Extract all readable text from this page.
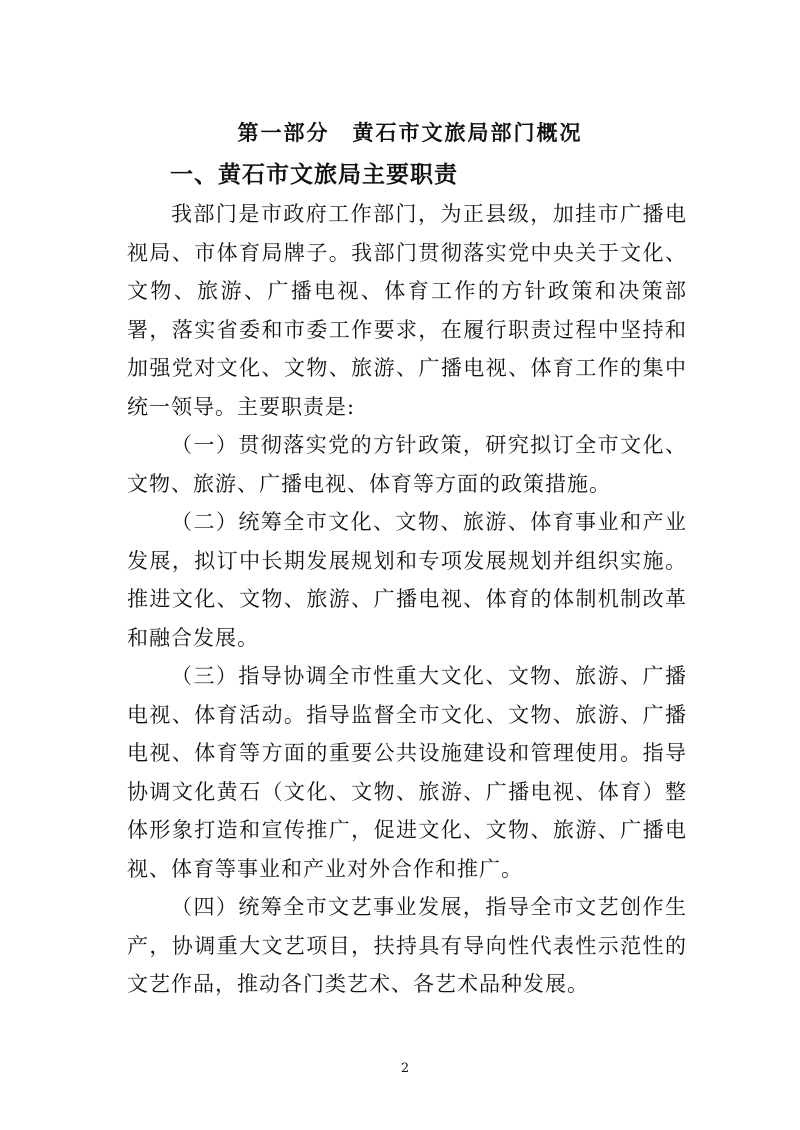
第一部分　黄石市文旅局部门概况
一、黄石市文旅局主要职责

我部门是市政府工作部门，为正县级，加挂市广播电视局、市体育局牌子。我部门贯彻落实党中央关于文化、文物、旅游、广播电视、体育工作的方针政策和决策部署，落实省委和市委工作要求，在履行职责过程中坚持和加强党对文化、文物、旅游、广播电视、体育工作的集中统一领导。主要职责是:

（一）贯彻落实党的方针政策，研究拟订全市文化、文物、旅游、广播电视、体育等方面的政策措施。

（二）统筹全市文化、文物、旅游、体育事业和产业发展，拟订中长期发展规划和专项发展规划并组织实施。推进文化、文物、旅游、广播电视、体育的体制机制改革和融合发展。

（三）指导协调全市性重大文化、文物、旅游、广播电视、体育活动。指导监督全市文化、文物、旅游、广播电视、体育等方面的重要公共设施建设和管理使用。指导协调文化黄石（文化、文物、旅游、广播电视、体育）整体形象打造和宣传推广，促进文化、文物、旅游、广播电视、体育等事业和产业对外合作和推广。

（四）统筹全市文艺事业发展，指导全市文艺创作生产，协调重大文艺项目，扶持具有导向性代表性示范性的文艺作品，推动各门类艺术、各艺术品种发展。

2
